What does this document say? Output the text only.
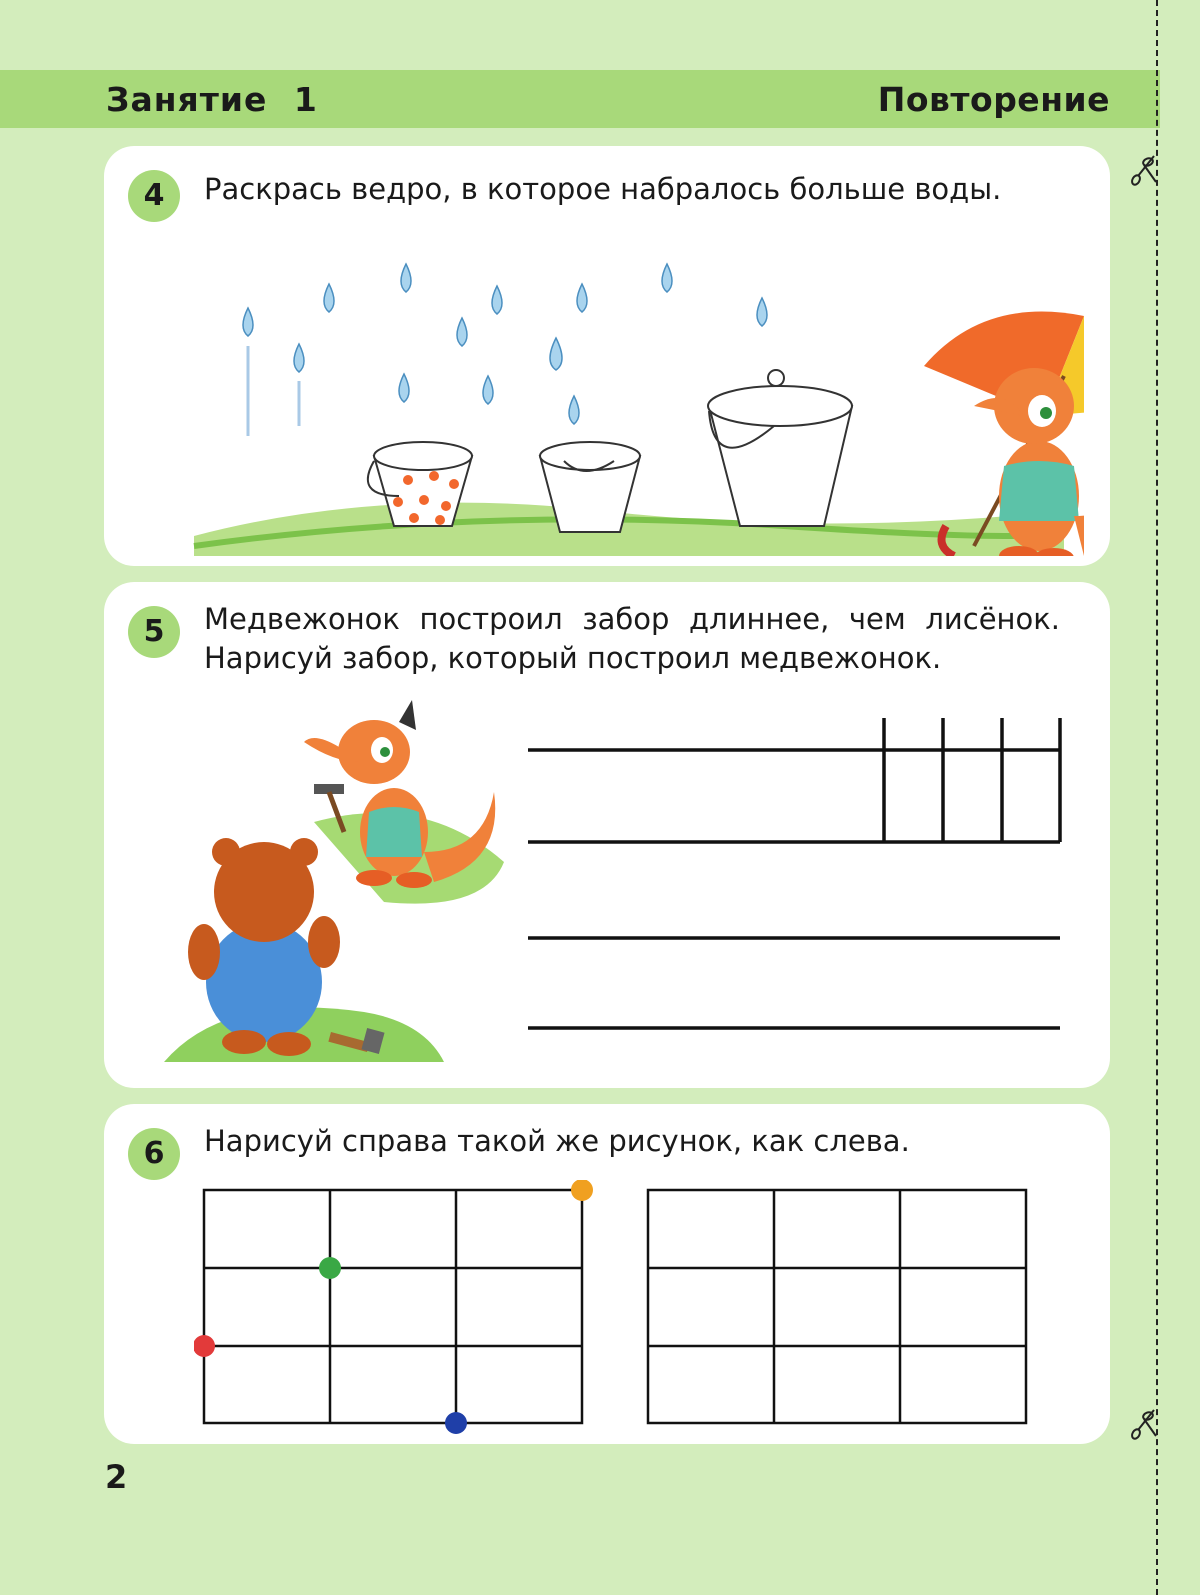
Занятие 1	Повторение
4	Раскрась ведро, в которое набралось больше воды.
5	Медвежонок построил забор длиннее, чем лисёнок. Нарисуй забор, который построил медвежонок.
6	Нарисуй справа такой же рисунок, как слева.
2
